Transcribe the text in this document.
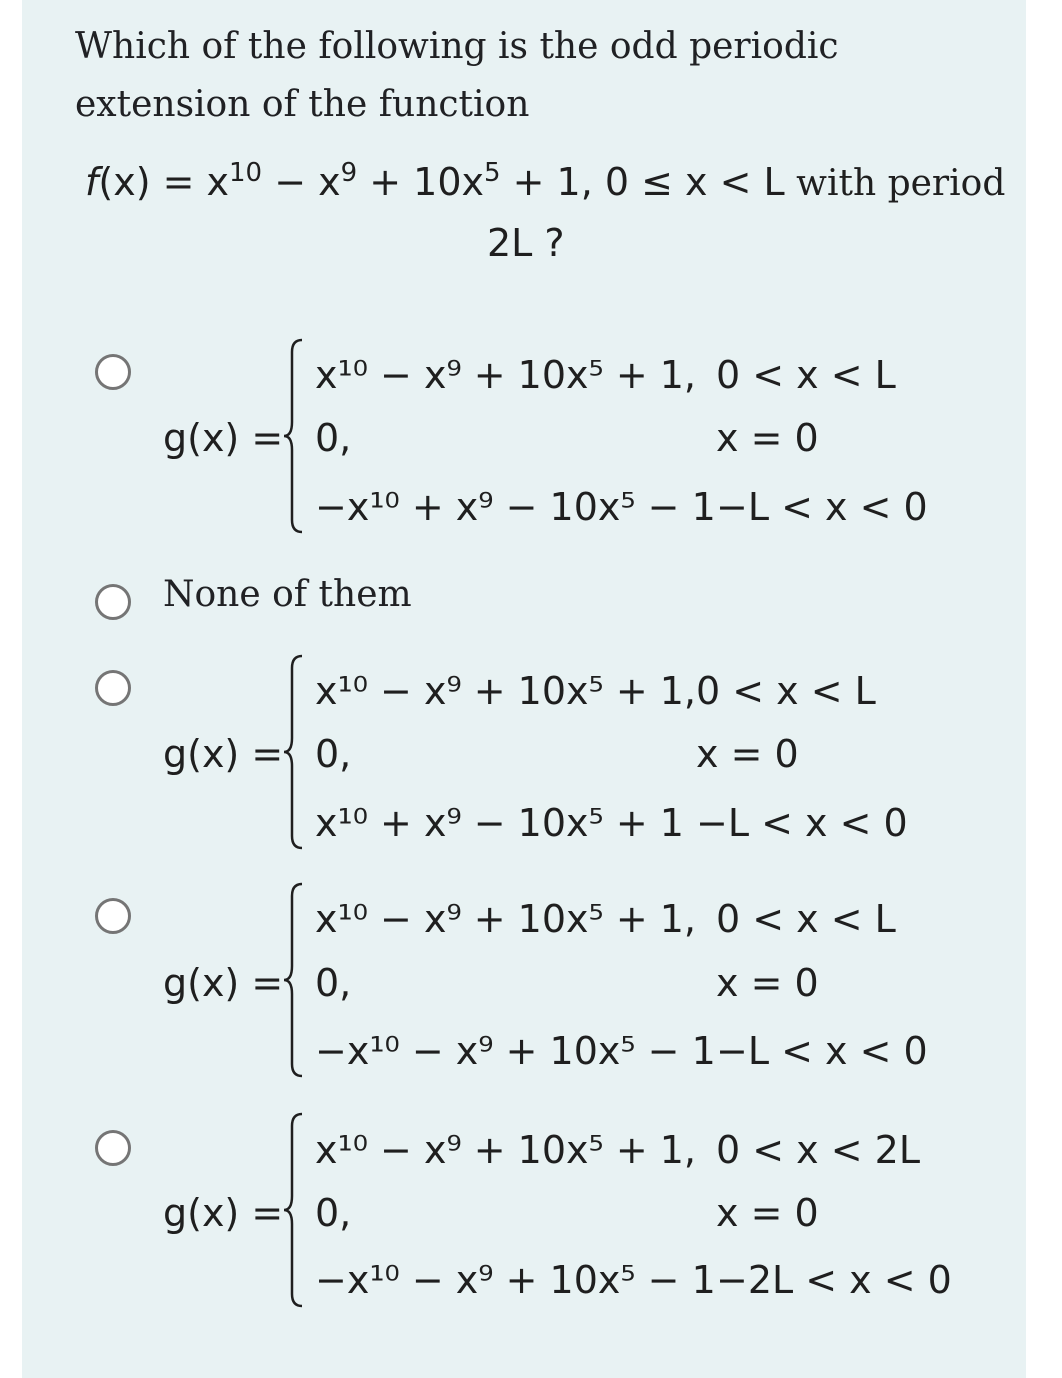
Which of the following is the odd periodic extension of the function
$f(x) = x^{10} - x^9 + 10x^5 + 1$, 0 ≤ x < L with period
2L ?
g(x) =
x¹⁰ − x⁹ + 10x⁵ + 1, 0 < x < L
0,	x = 0
−x¹⁰ + x⁹ − 10x⁵ − 1 −L < x < 0
None of them
g(x) =
x¹⁰ − x⁹ + 10x⁵ + 1, 0 < x < L
0,	x = 0
x¹⁰ + x⁹ − 10x⁵ + 1 −L < x < 0
g(x) =
x¹⁰ − x⁹ + 10x⁵ + 1, 0 < x < L
0,	x = 0
−x¹⁰ − x⁹ + 10x⁵ − 1 −L < x < 0
g(x) =
x¹⁰ − x⁹ + 10x⁵ + 1, 0 < x < 2L
0,	x = 0
−x¹⁰ − x⁹ + 10x⁵ − 1 −2L < x < 0
